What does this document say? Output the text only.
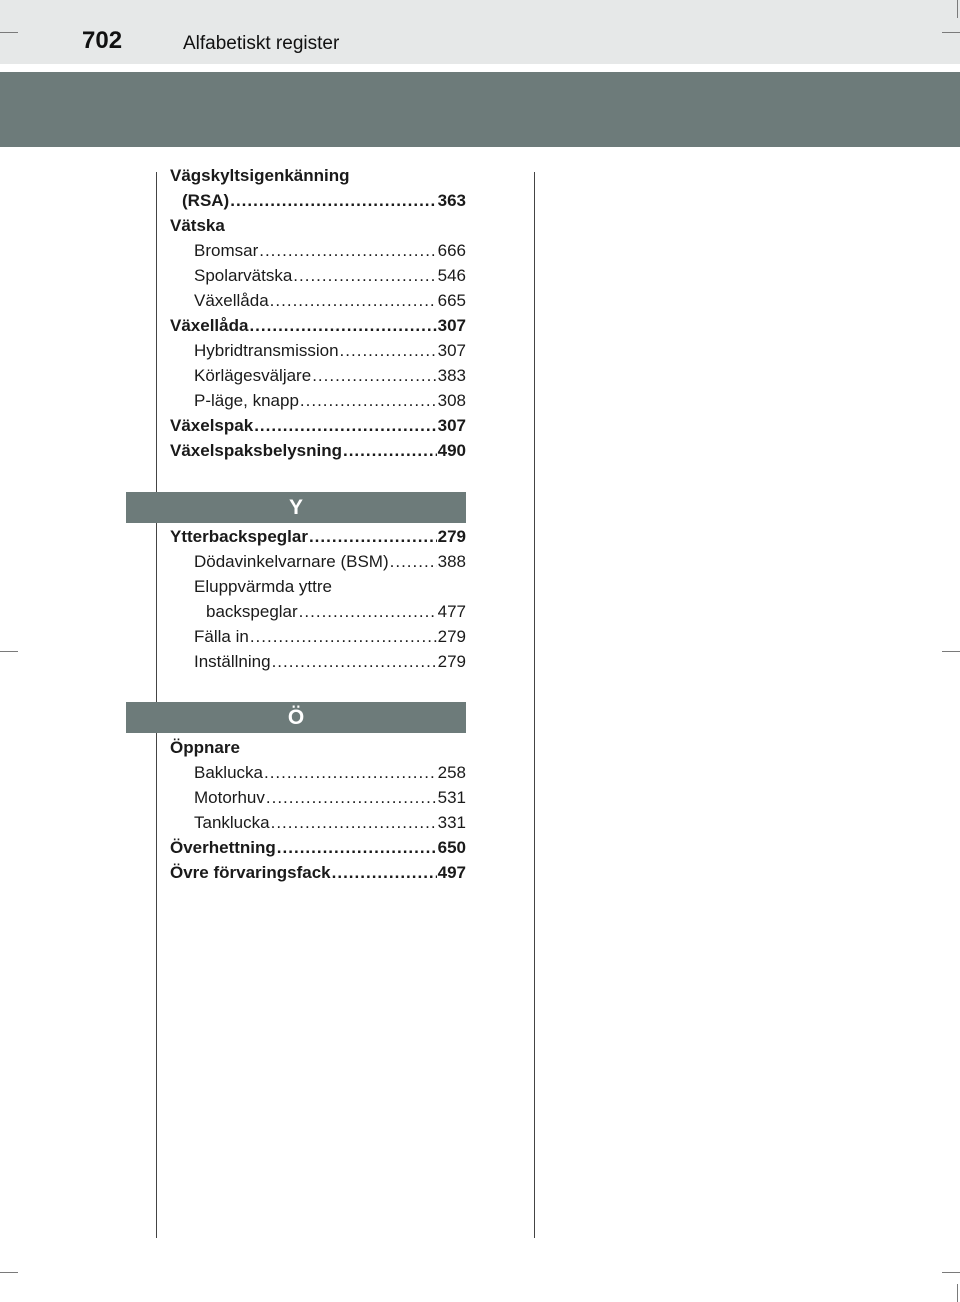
702	Alfabetiskt register
Vägskyltsigenkänning
(RSA) .....	363
Vätska
Bromsar .....	666
Spolarvätska .....	546
Växellåda .....	665
Växellåda .....	307
Hybridtransmission .....	307
Körlägesväljare .....	383
P-läge, knapp .....	308
Växelspak .....	307
Växelspaksbelysning .....	490
Y
Ytterbackspeglar .....	279
Dödavinkelvarnare (BSM) .....	388
Eluppvärmda yttre
backspeglar .....	477
Fälla in .....	279
Inställning .....	279
Ö
Öppnare
Baklucka .....	258
Motorhuv .....	531
Tanklucka .....	331
Överhettning .....	650
Övre förvaringsfack .....	497
